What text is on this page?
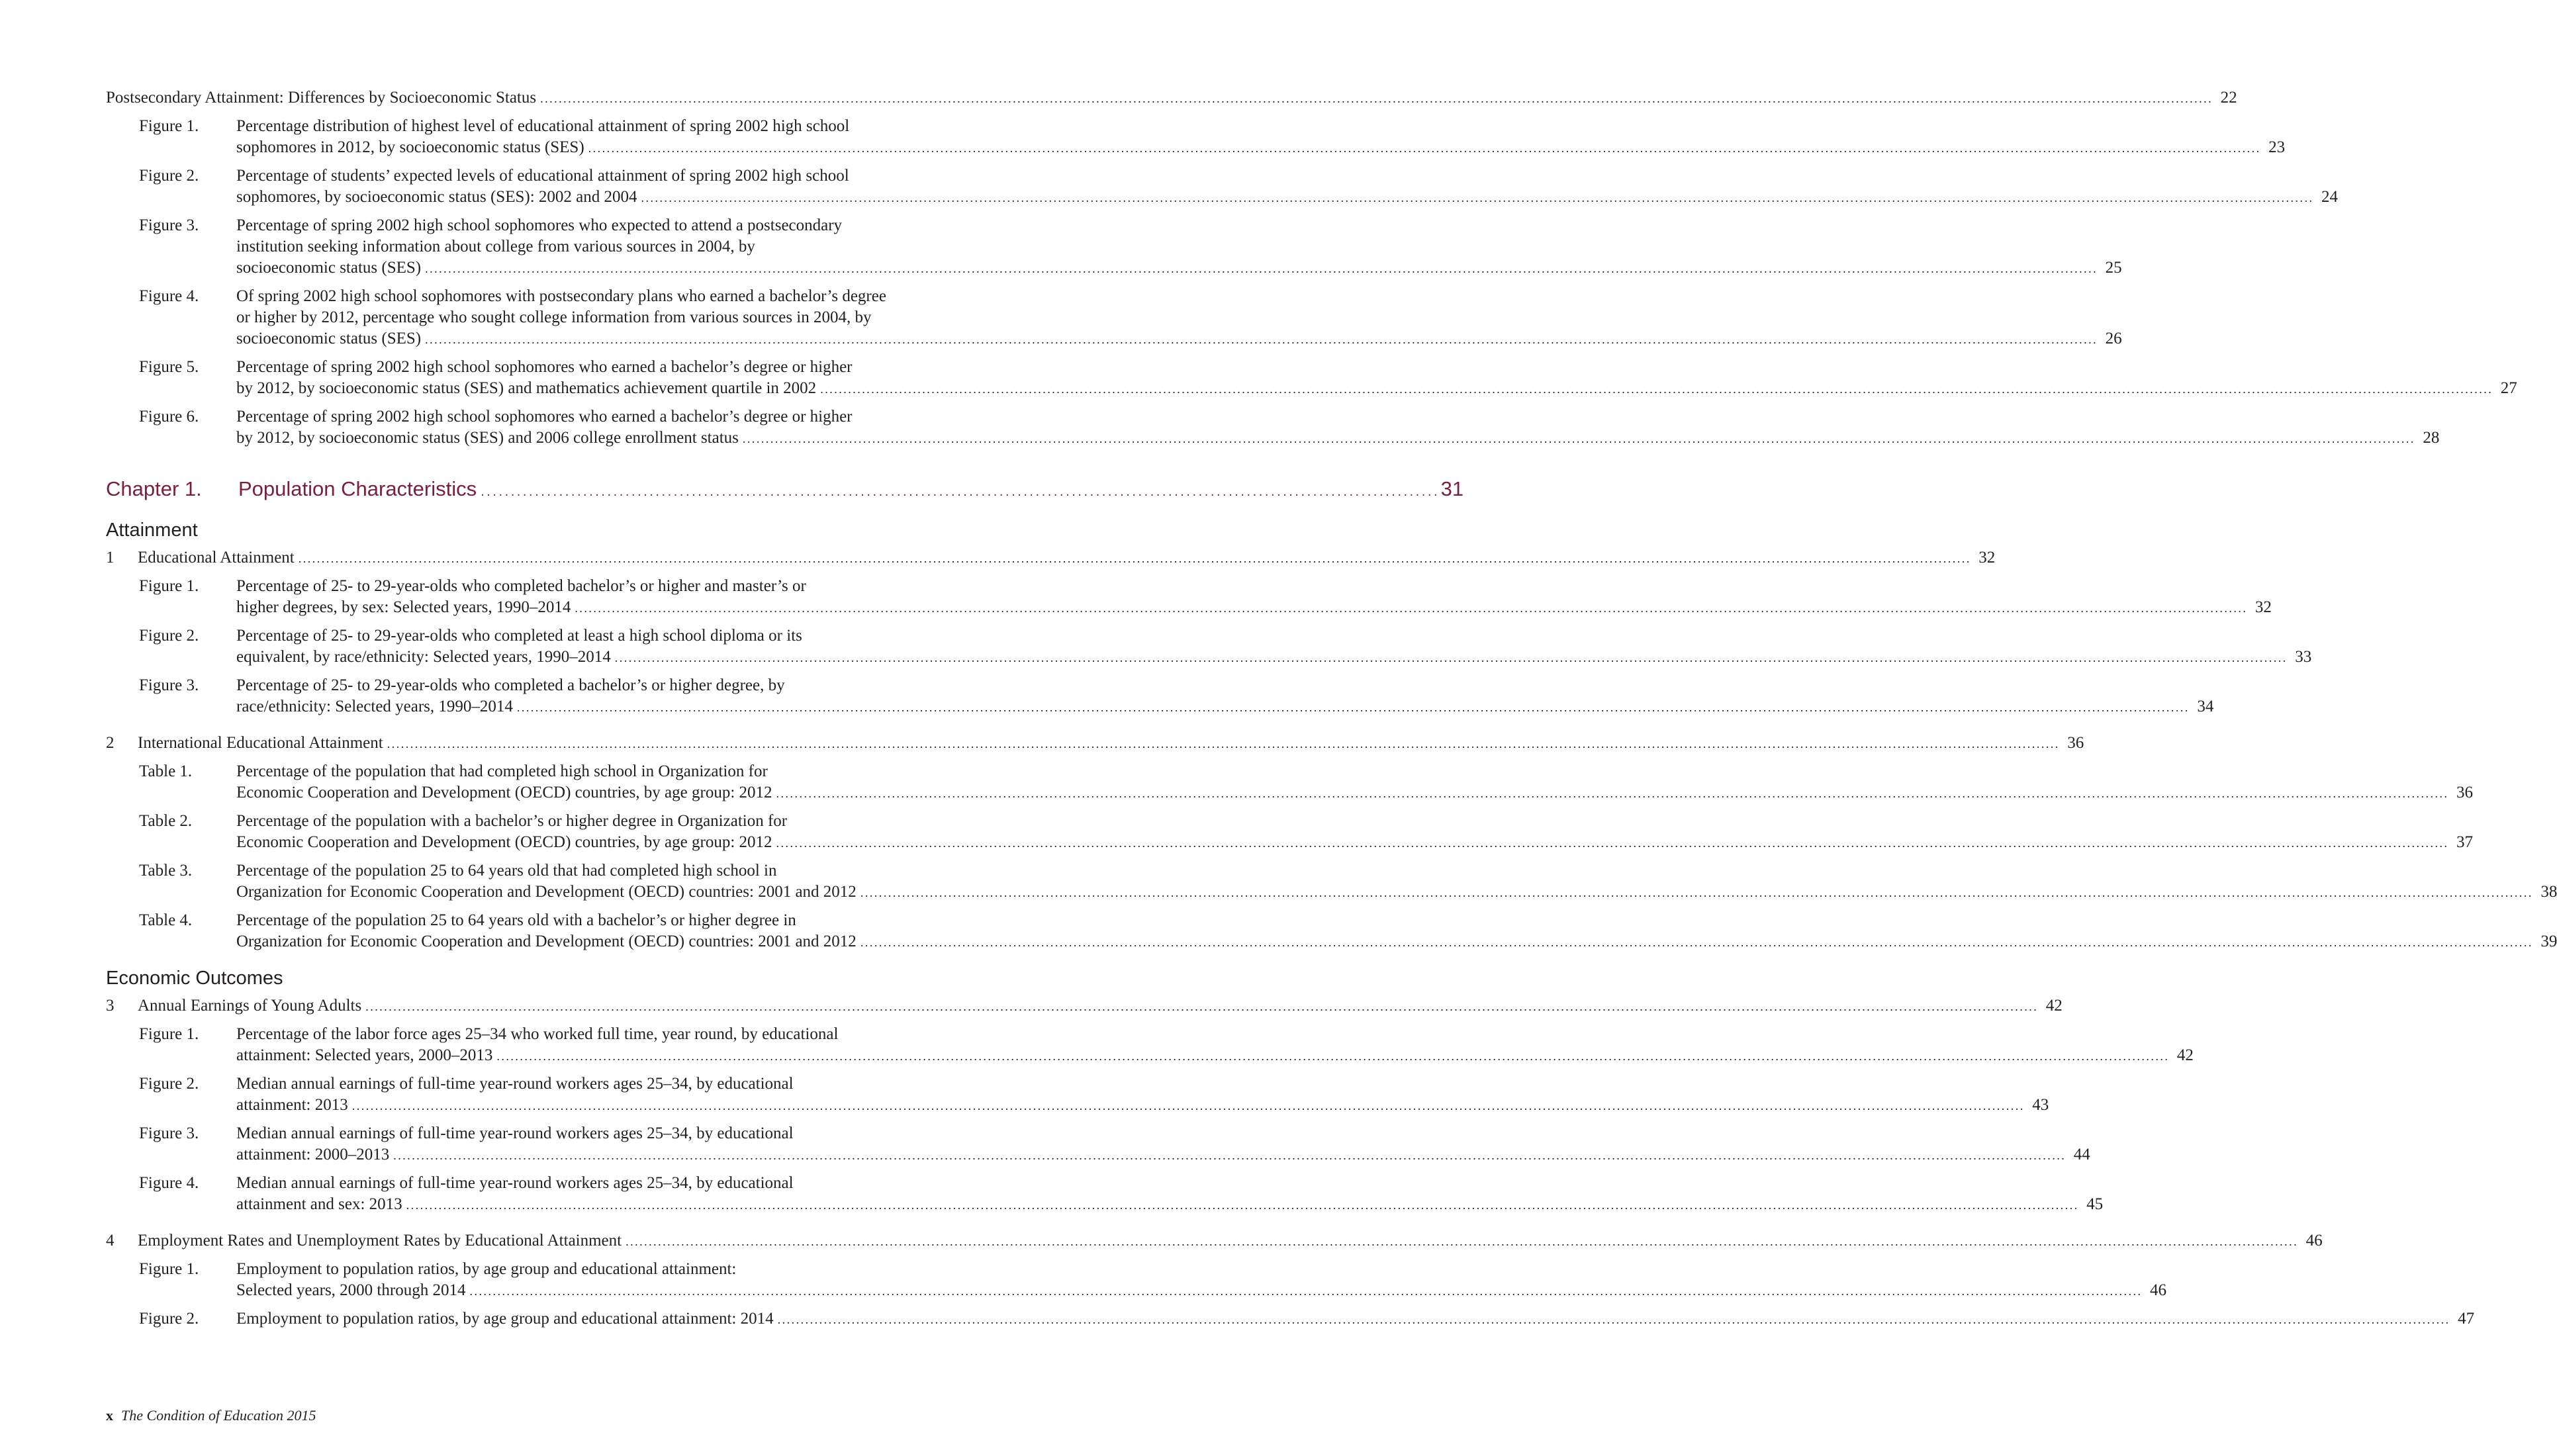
Postsecondary Attainment: Differences by Socioeconomic Status . . .	22
Figure 1.	Percentage distribution of highest level of educational attainment of spring 2002 high school
sophomores in 2012, by socioeconomic status (SES) . . .	23
Figure 2.	Percentage of students’ expected levels of educational attainment of spring 2002 high school
sophomores, by socioeconomic status (SES): 2002 and 2004 . . .	24
Figure 3.	Percentage of spring 2002 high school sophomores who expected to attend a postsecondary
institution seeking information about college from various sources in 2004, by
socioeconomic status (SES) . . .	25
Figure 4.	Of spring 2002 high school sophomores with postsecondary plans who earned a bachelor’s degree
or higher by 2012, percentage who sought college information from various sources in 2004, by
socioeconomic status (SES) . . .	26
Figure 5.	Percentage of spring 2002 high school sophomores who earned a bachelor’s degree or higher
by 2012, by socioeconomic status (SES) and mathematics achievement quartile in 2002 . . .	27
Figure 6.	Percentage of spring 2002 high school sophomores who earned a bachelor’s degree or higher
by 2012, by socioeconomic status (SES) and 2006 college enrollment status . . .	28
Chapter 1.	Population Characteristics . . .	31
Attainment
1 Educational Attainment . . .	32
Figure 1.	Percentage of 25- to 29-year-olds who completed bachelor’s or higher and master’s or
higher degrees, by sex: Selected years, 1990–2014 . . .	32
Figure 2.	Percentage of 25- to 29-year-olds who completed at least a high school diploma or its
equivalent, by race/ethnicity: Selected years, 1990–2014 . . .	33
Figure 3.	Percentage of 25- to 29-year-olds who completed a bachelor’s or higher degree, by
race/ethnicity: Selected years, 1990–2014 . . .	34
2 International Educational Attainment . . .	36
Table 1.	Percentage of the population that had completed high school in Organization for
Economic Cooperation and Development (OECD) countries, by age group: 2012 . . .	36
Table 2.	Percentage of the population with a bachelor’s or higher degree in Organization for
Economic Cooperation and Development (OECD) countries, by age group: 2012 . . .	37
Table 3.	Percentage of the population 25 to 64 years old that had completed high school in
Organization for Economic Cooperation and Development (OECD) countries: 2001 and 2012 . . .	38
Table 4.	Percentage of the population 25 to 64 years old with a bachelor’s or higher degree in
Organization for Economic Cooperation and Development (OECD) countries: 2001 and 2012 . . .	39
Economic Outcomes
3 Annual Earnings of Young Adults . . .	42
Figure 1.	Percentage of the labor force ages 25–34 who worked full time, year round, by educational
attainment: Selected years, 2000–2013 . . .	42
Figure 2.	Median annual earnings of full-time year-round workers ages 25–34, by educational
attainment: 2013 . . .	43
Figure 3.	Median annual earnings of full-time year-round workers ages 25–34, by educational
attainment: 2000–2013 . . .	44
Figure 4.	Median annual earnings of full-time year-round workers ages 25–34, by educational
attainment and sex: 2013 . . .	45
4 Employment Rates and Unemployment Rates by Educational Attainment . . .	46
Figure 1.	Employment to population ratios, by age group and educational attainment:
Selected years, 2000 through 2014 . . .	46
Figure 2.	Employment to population ratios, by age group and educational attainment: 2014 . . .	47
x The Condition of Education 2015
